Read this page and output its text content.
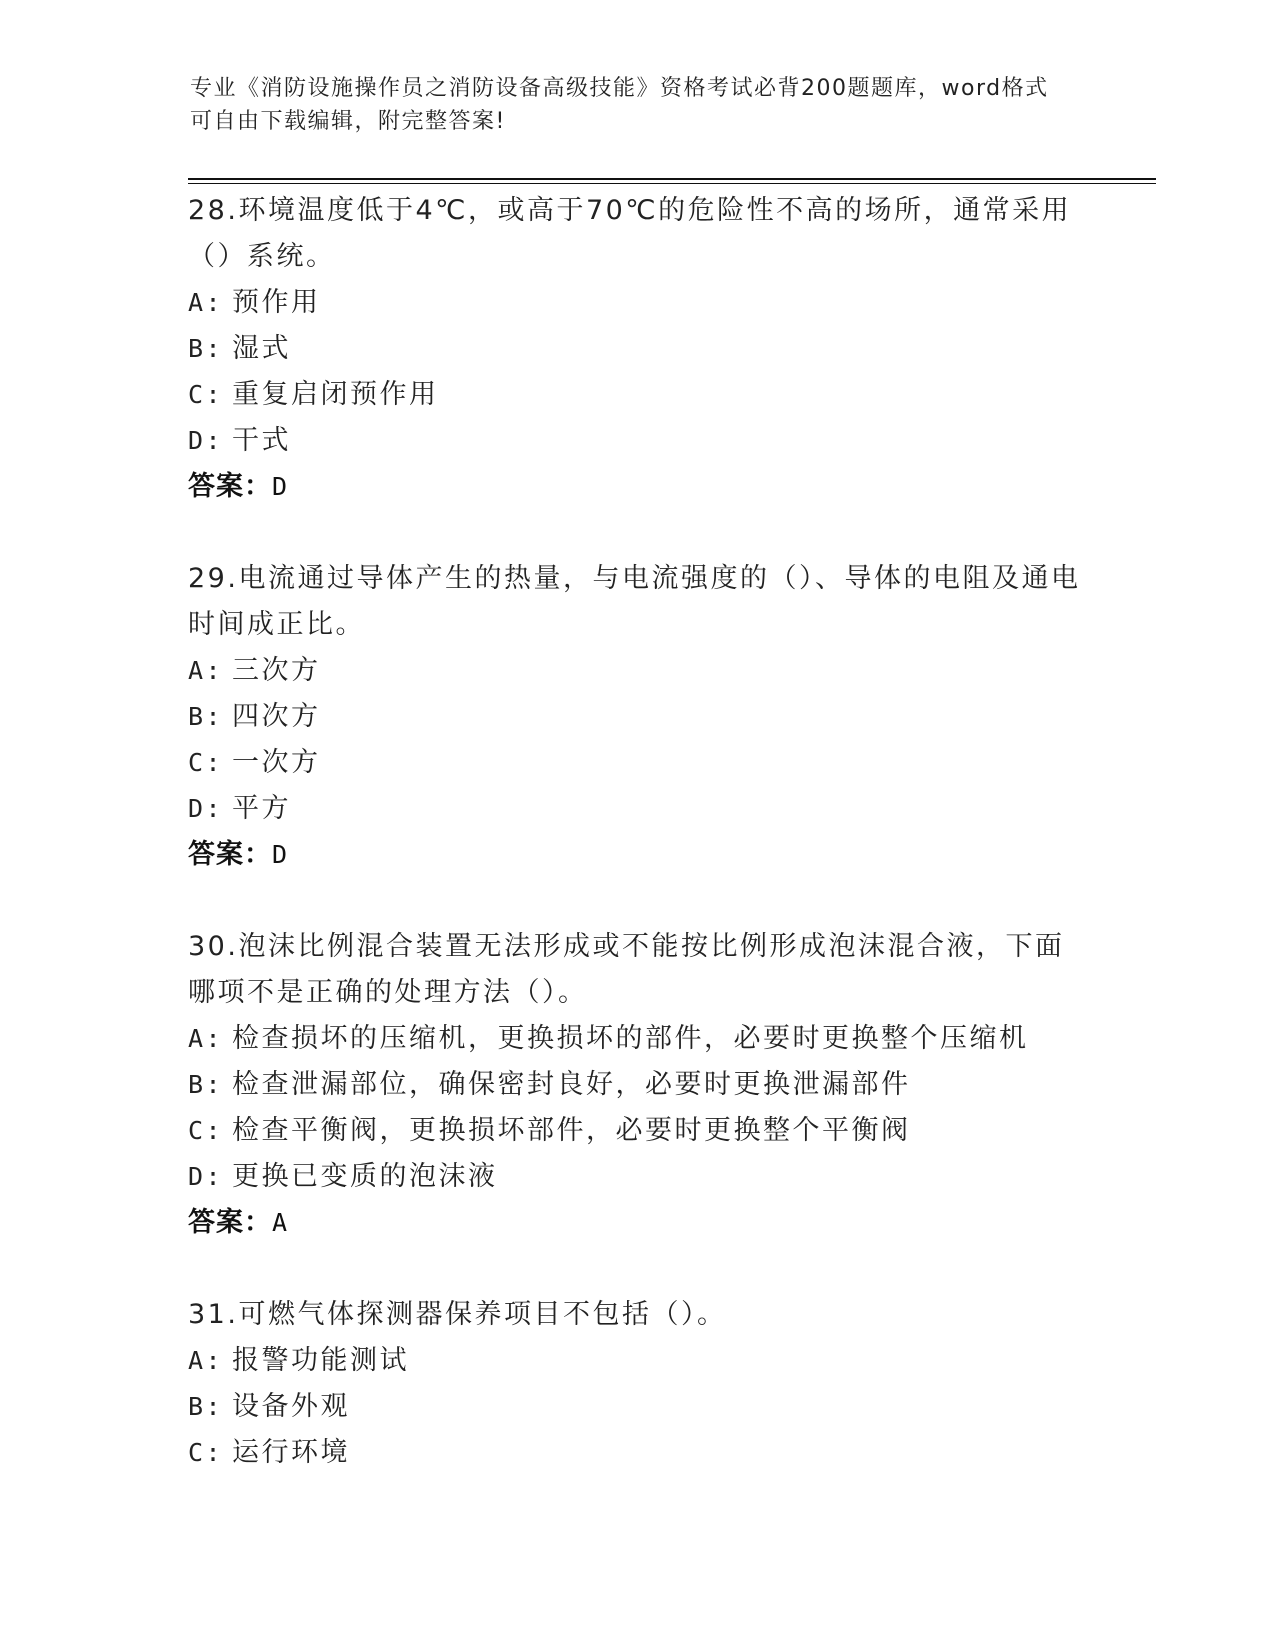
专业《消防设施操作员之消防设备高级技能》资格考试必背200题题库，word格式可自由下载编辑，附完整答案!
28.环境温度低于4℃，或高于70℃的危险性不高的场所，通常采用（）系统。
A: 预作用
B: 湿式
C: 重复启闭预作用
D: 干式
答案：D
29.电流通过导体产生的热量，与电流强度的（）、导体的电阻及通电时间成正比。
A: 三次方
B: 四次方
C: 一次方
D: 平方
答案：D
30.泡沫比例混合装置无法形成或不能按比例形成泡沫混合液，下面哪项不是正确的处理方法（）。
A: 检查损坏的压缩机，更换损坏的部件，必要时更换整个压缩机
B: 检查泄漏部位，确保密封良好，必要时更换泄漏部件
C: 检查平衡阀，更换损坏部件，必要时更换整个平衡阀
D: 更换已变质的泡沫液
答案：A
31.可燃气体探测器保养项目不包括（）。
A: 报警功能测试
B: 设备外观
C: 运行环境
